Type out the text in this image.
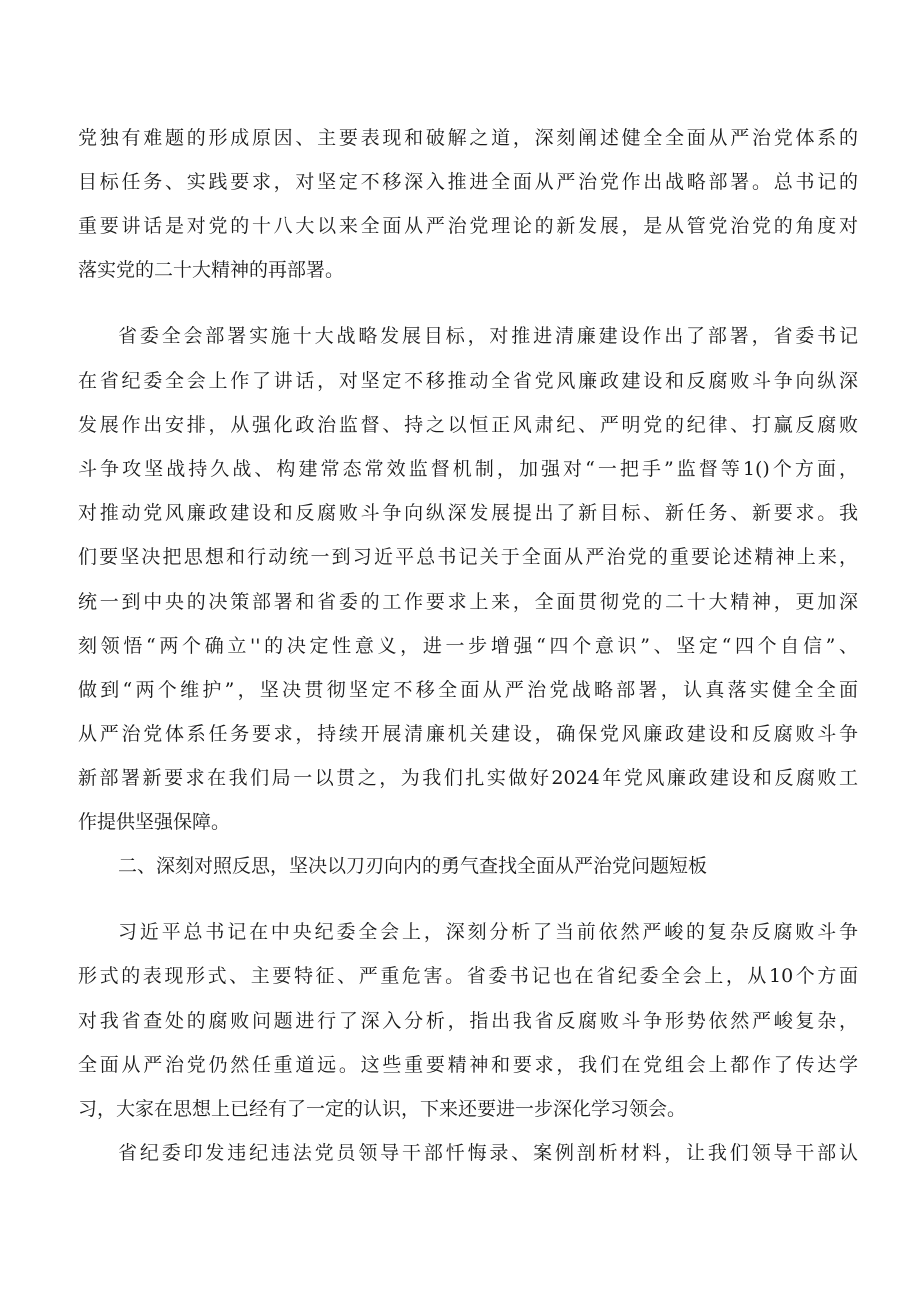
党独有难题的形成原因、主要表现和破解之道，深刻阐述健全全面从严治党体系的
目标任务、实践要求，对坚定不移深入推进全面从严治党作出战略部署。总书记的
重要讲话是对党的十八大以来全面从严治党理论的新发展，是从管党治党的角度对
落实党的二十大精神的再部署。
省委全会部署实施十大战略发展目标，对推进清廉建设作出了部署，省委书记
在省纪委全会上作了讲话，对坚定不移推动全省党风廉政建设和反腐败斗争向纵深
发展作出安排，从强化政治监督、持之以恒正风肃纪、严明党的纪律、打赢反腐败
斗争攻坚战持久战、构建常态常效监督机制，加强对“一把手”监督等1()个方面，
对推动党风廉政建设和反腐败斗争向纵深发展提出了新目标、新任务、新要求。我
们要坚决把思想和行动统一到习近平总书记关于全面从严治党的重要论述精神上来，
统一到中央的决策部署和省委的工作要求上来，全面贯彻党的二十大精神，更加深
刻领悟“两个确立''的决定性意义，进一步增强“四个意识”、坚定“四个自信”、
做到“两个维护”，坚决贯彻坚定不移全面从严治党战略部署，认真落实健全全面
从严治党体系任务要求，持续开展清廉机关建设，确保党风廉政建设和反腐败斗争
新部署新要求在我们局一以贯之，为我们扎实做好2024年党风廉政建设和反腐败工
作提供坚强保障。
二、深刻对照反思，坚决以刀刃向内的勇气查找全面从严治党问题短板
习近平总书记在中央纪委全会上，深刻分析了当前依然严峻的复杂反腐败斗争
形式的表现形式、主要特征、严重危害。省委书记也在省纪委全会上，从10个方面
对我省查处的腐败问题进行了深入分析，指出我省反腐败斗争形势依然严峻复杂，
全面从严治党仍然任重道远。这些重要精神和要求，我们在党组会上都作了传达学
习，大家在思想上已经有了一定的认识，下来还要进一步深化学习领会。
省纪委印发违纪违法党员领导干部忏悔录、案例剖析材料，让我们领导干部认
